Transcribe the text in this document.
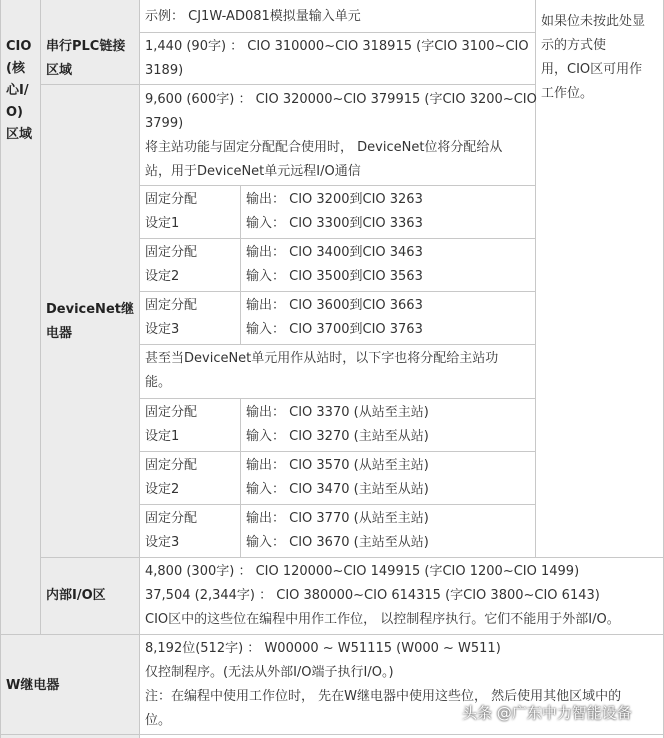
CIO
(核
心I/
O)
区域
串行PLC链接
区域
DeviceNet继
电器
内部I/O区
W继电器
如果位未按此处显
示的方式使
用，CIO区可用作
工作位。
示例： CJ1W-AD081模拟量输入单元
1,440 (90字) ： CIO 310000~CIO 318915 (字CIO 3100~CIO
3189)
9,600 (600字) ： CIO 320000~CIO 379915 (字CIO 3200~CIO
3799)
将主站功能与固定分配配合使用时， DeviceNet位将分配给从
站，用于DeviceNet单元远程I/O通信
固定分配
设定1
输出： CIO 3200到CIO 3263
输入： CIO 3300到CIO 3363
固定分配
设定2
输出： CIO 3400到CIO 3463
输入： CIO 3500到CIO 3563
固定分配
设定3
输出： CIO 3600到CIO 3663
输入： CIO 3700到CIO 3763
甚至当DeviceNet单元用作从站时，以下字也将分配给主站功
能。
固定分配
设定1
输出： CIO 3370 (从站至主站)
输入： CIO 3270 (主站至从站)
固定分配
设定2
输出： CIO 3570 (从站至主站)
输入： CIO 3470 (主站至从站)
固定分配
设定3
输出： CIO 3770 (从站至主站)
输入： CIO 3670 (主站至从站)
4,800 (300字) ： CIO 120000~CIO 149915 (字CIO 1200~CIO 1499)
37,504 (2,344字) ： CIO 380000~CIO 614315 (字CIO 3800~CIO 6143)
CIO区中的这些位在编程中用作工作位， 以控制程序执行。它们不能用于外部I/O。
8,192位(512字) ： W00000 ~ W51115 (W000 ~ W511)
仅控制程序。(无法从外部I/O端子执行I/O。)
注：在编程中使用工作位时， 先在W继电器中使用这些位， 然后使用其他区域中的
位。	头条 @广东中力智能设备
